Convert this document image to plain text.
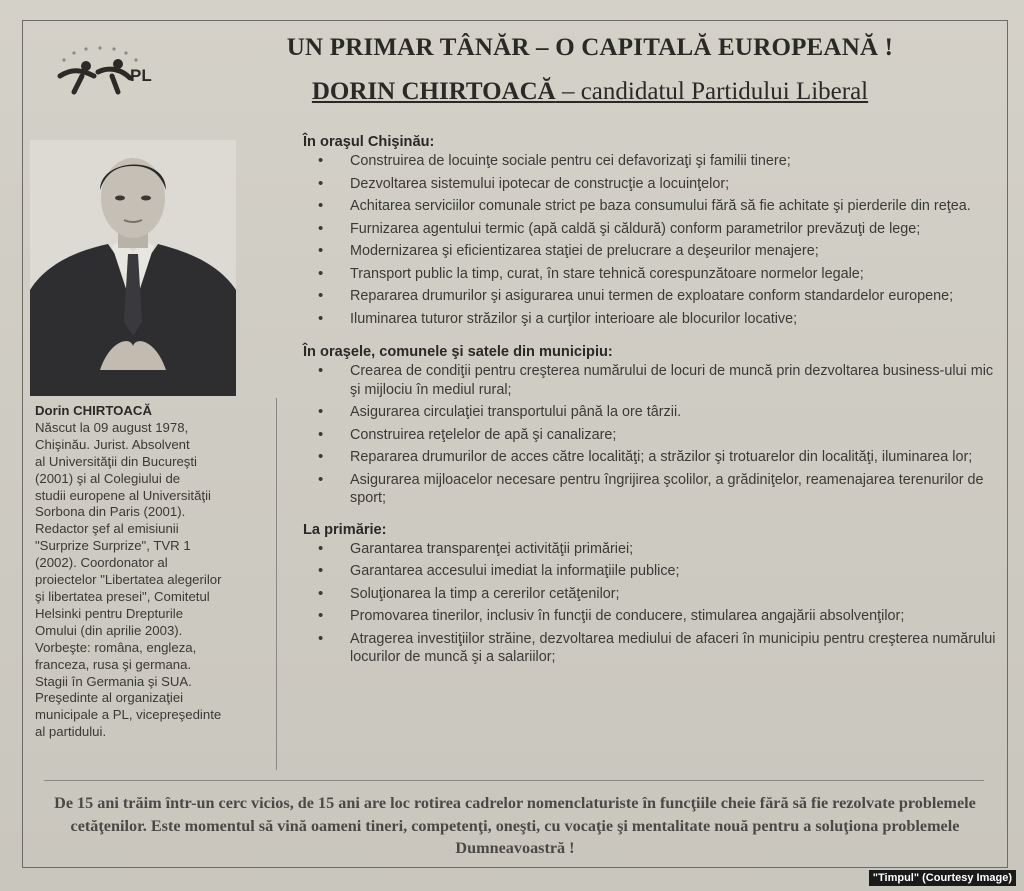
PL
UN PRIMAR TÂNĂR – O CAPITALĂ EUROPEANĂ !
DORIN CHIRTOACĂ – candidatul Partidului Liberal
Dorin CHIRTOACĂ
Născut la 09 august 1978,
Chişinău. Jurist. Absolvent
al Universităţii din Bucureşti
(2001) şi al Colegiului de
studii europene al Universităţii
Sorbona din Paris (2001).
Redactor şef al emisiunii
"Surprize Surprize", TVR 1
(2002). Coordonator al
proiectelor "Libertatea alegerilor
şi libertatea presei", Comitetul
Helsinki pentru Drepturile
Omului (din aprilie 2003).
Vorbeşte: româna, engleza,
franceza, rusa şi germana.
Stagii în Germania şi SUA.
Preşedinte al organizaţiei
municipale a PL, vicepreşedinte
al partidului.

În oraşul Chişinău:

• Construirea de locuinţe sociale pentru cei defavorizaţi şi familii tinere;
• Dezvoltarea sistemului ipotecar de construcţie a locuinţelor;
• Achitarea serviciilor comunale strict pe baza consumului fără să fie achitate şi pierderile din reţea.
• Furnizarea agentului termic (apă caldă şi căldură) conform parametrilor prevăzuţi de lege;
• Modernizarea şi eficientizarea staţiei de prelucrare a deşeurilor menajere;
• Transport public la timp, curat, în stare tehnică corespunzătoare normelor legale;
• Repararea drumurilor şi asigurarea unui termen de exploatare conform standardelor europene;
• Iluminarea tuturor străzilor şi a curţilor interioare ale blocurilor locative;

În oraşele, comunele şi satele din municipiu:

• Crearea de condiţii pentru creşterea numărului de locuri de muncă prin dezvoltarea business-ului mic şi mijlociu în mediul rural;
• Asigurarea circulaţiei transportului până la ore târzii.
• Construirea reţelelor de apă şi canalizare;
• Repararea drumurilor de acces către localităţi; a străzilor şi trotuarelor din localităţi, iluminarea lor;
• Asigurarea mijloacelor necesare pentru îngrijirea şcolilor, a grădiniţelor, reamenajarea terenurilor de sport;

La primărie:

• Garantarea transparenţei activităţii primăriei;
• Garantarea accesului imediat la informaţiile publice;
• Soluţionarea la timp a cererilor cetăţenilor;
• Promovarea tinerilor, inclusiv în funcţii de conducere, stimularea angajării absolvenţilor;
• Atragerea investiţiilor străine, dezvoltarea mediului de afaceri în municipiu pentru creşterea numărului locurilor de muncă şi a salariilor;
De 15 ani trăim într-un cerc vicios, de 15 ani are loc rotirea cadrelor nomenclaturiste în funcţiile cheie fără să fie rezolvate problemele cetăţenilor. Este momentul să vină oameni tineri, competenţi, oneşti, cu vocaţie şi mentalitate nouă pentru a soluţiona problemele Dumneavoastră !
"Timpul" (Courtesy Image)
